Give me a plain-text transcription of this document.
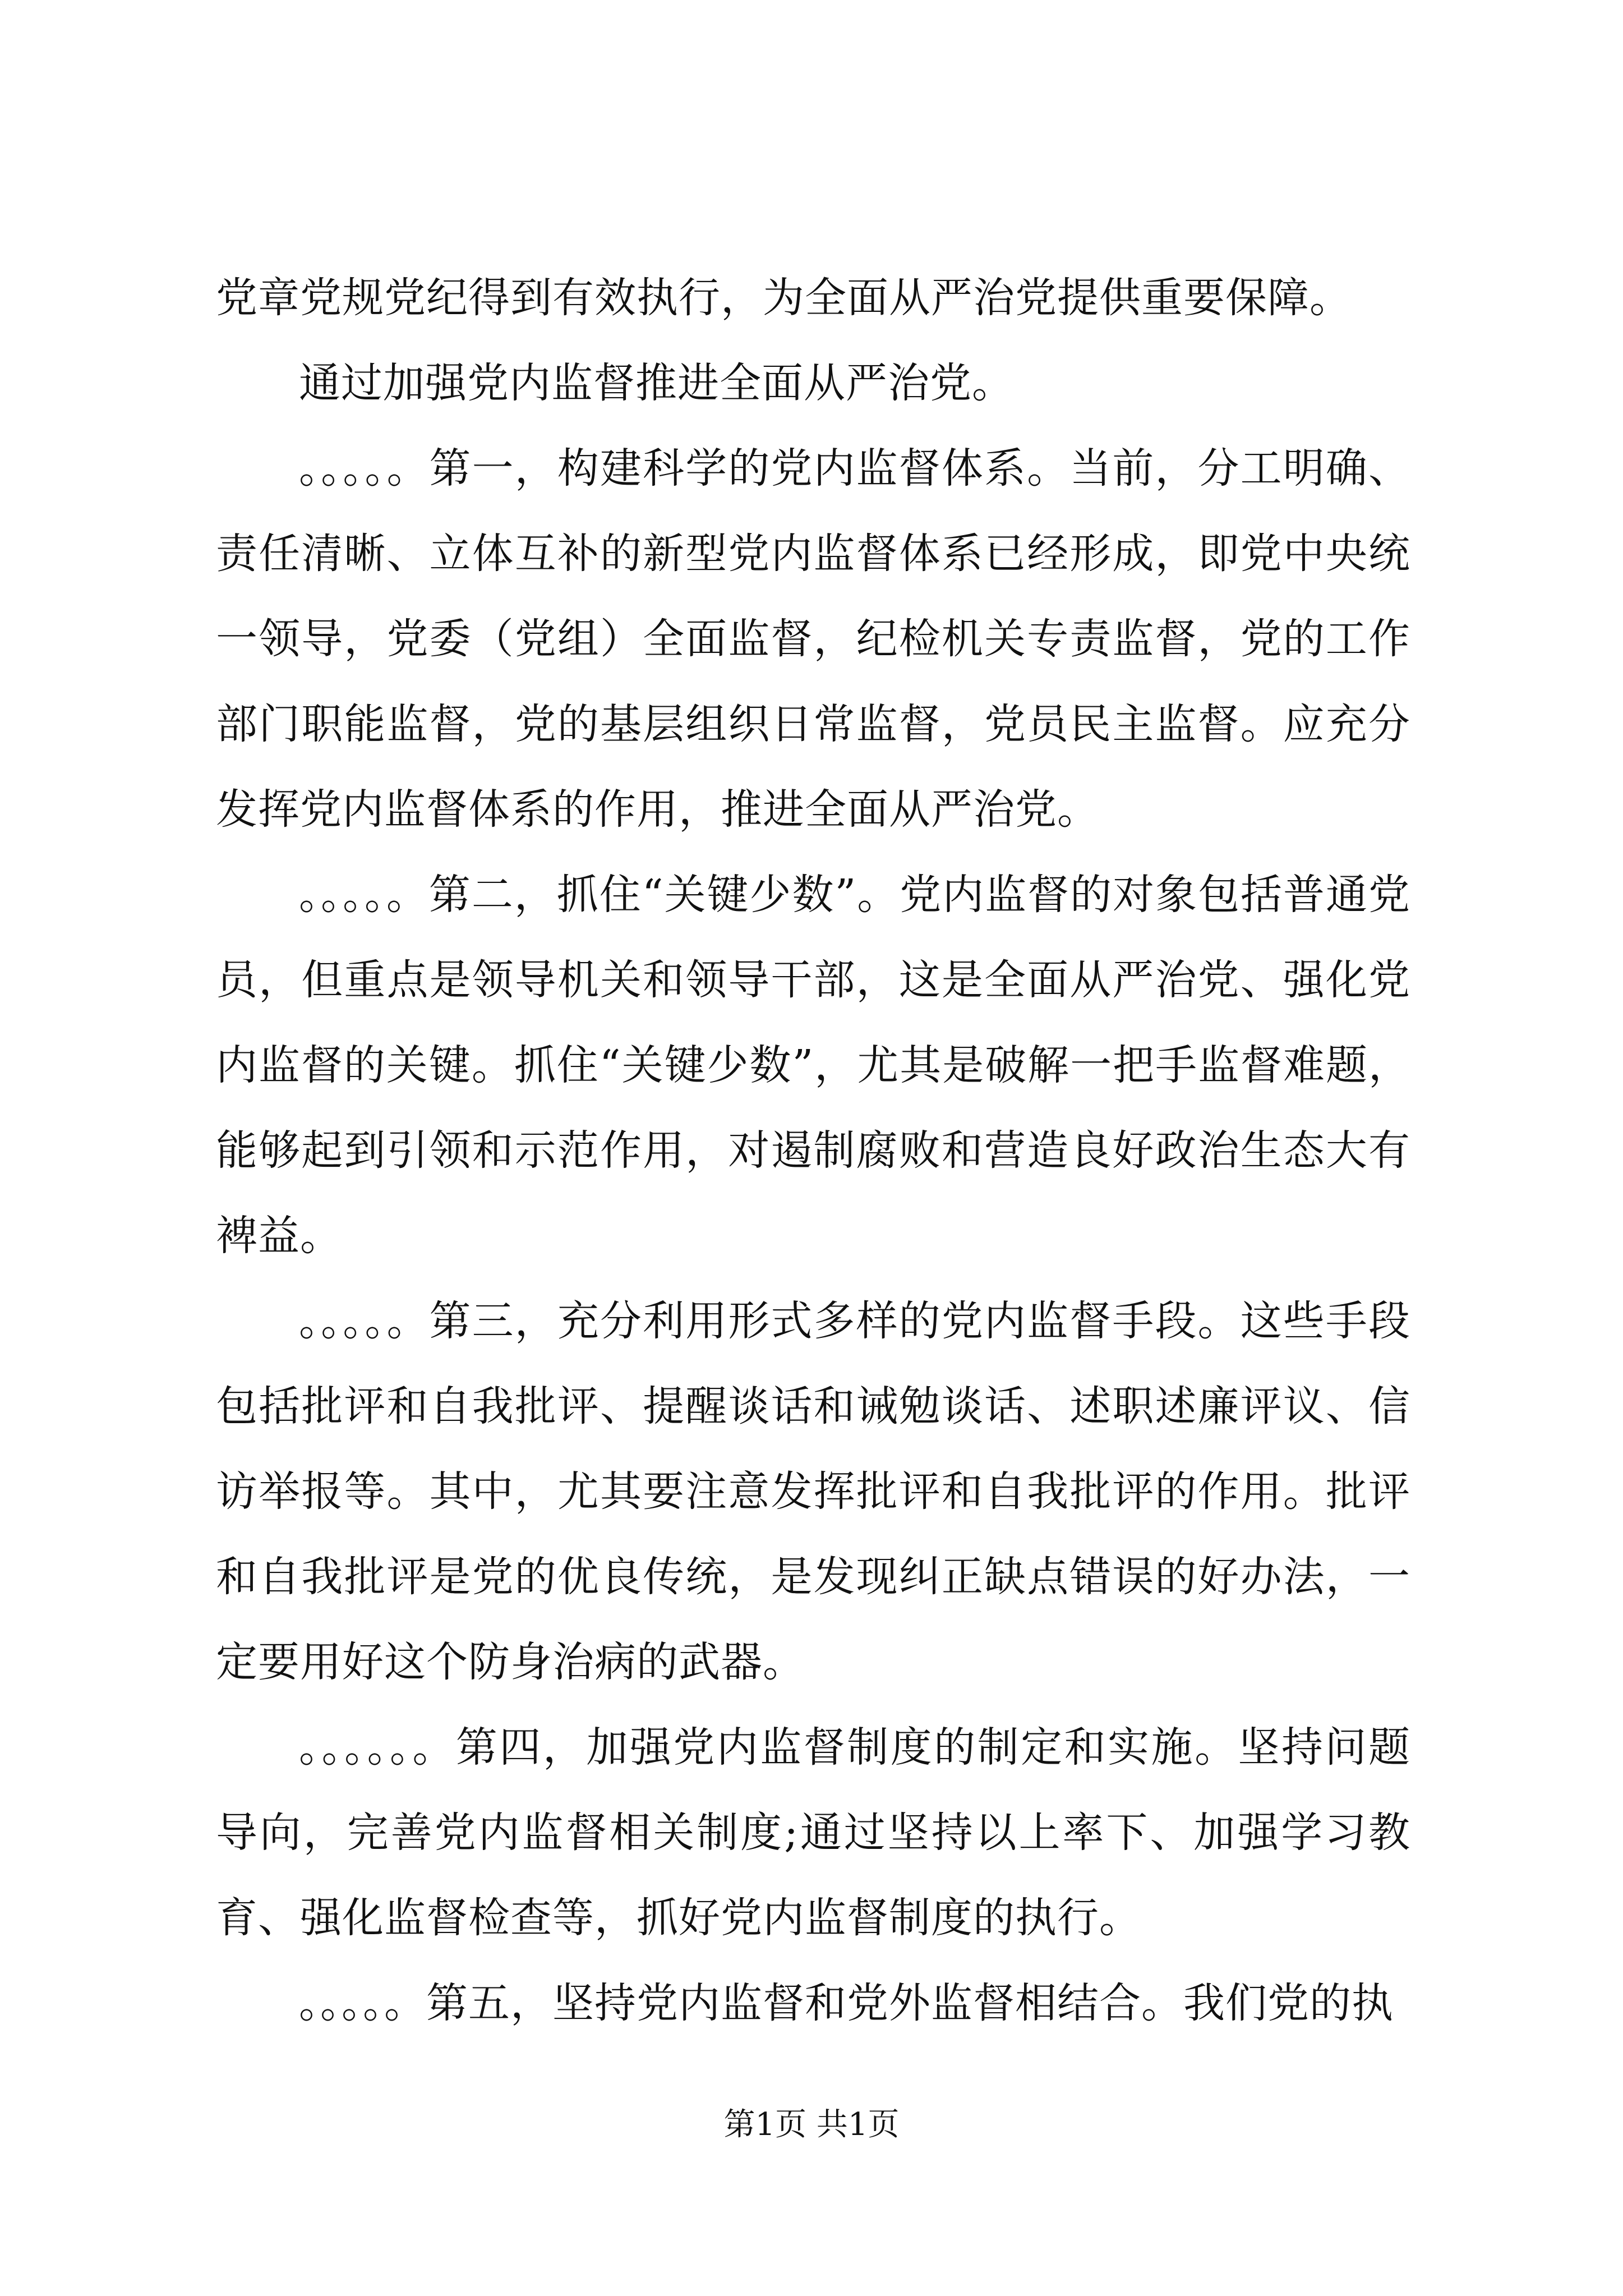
党章党规党纪得到有效执行，为全面从严治党提供重要保障。

通过加强党内监督推进全面从严治党。

。。。。。第一，构建科学的党内监督体系。当前，分工明确、责任清晰、立体互补的新型党内监督体系已经形成，即党中央统一领导，党委（党组）全面监督，纪检机关专责监督，党的工作部门职能监督，党的基层组织日常监督，党员民主监督。应充分发挥党内监督体系的作用，推进全面从严治党。

。。。。。第二，抓住“关键少数”。党内监督的对象包括普通党员，但重点是领导机关和领导干部，这是全面从严治党、强化党内监督的关键。抓住“关键少数”，尤其是破解一把手监督难题，能够起到引领和示范作用，对遏制腐败和营造良好政治生态大有裨益。

。。。。。第三，充分利用形式多样的党内监督手段。这些手段包括批评和自我批评、提醒谈话和诫勉谈话、述职述廉评议、信访举报等。其中，尤其要注意发挥批评和自我批评的作用。批评和自我批评是党的优良传统，是发现纠正缺点错误的好办法，一定要用好这个防身治病的武器。

。。。。。。第四，加强党内监督制度的制定和实施。坚持问题导向，完善党内监督相关制度;通过坚持以上率下、加强学习教育、强化监督检查等，抓好党内监督制度的执行。

。。。。。第五，坚持党内监督和党外监督相结合。我们党的执

第1页 共1页
